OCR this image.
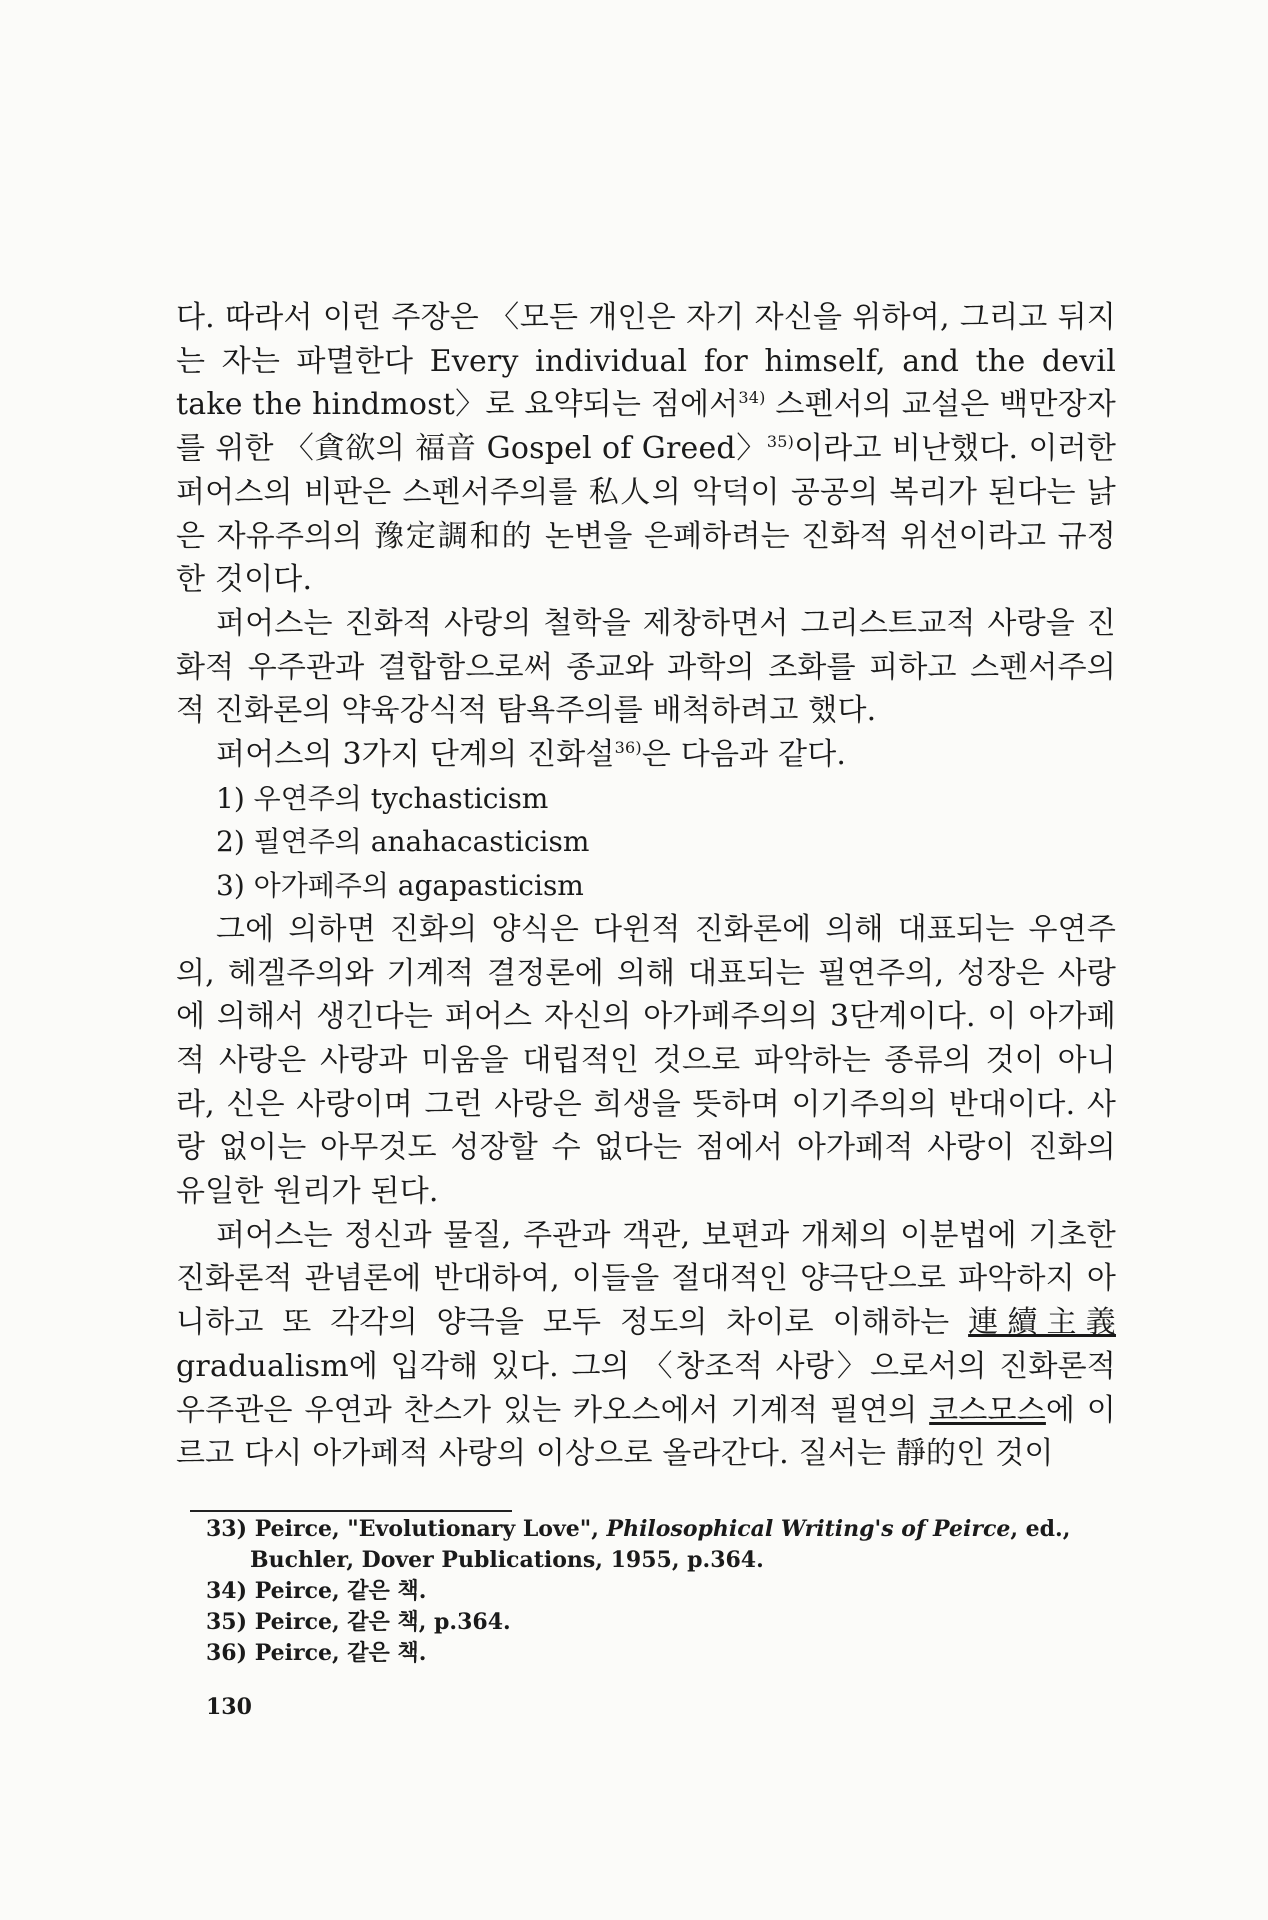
다. 따라서 이런 주장은 〈모든 개인은 자기 자신을 위하여, 그리고 뒤지는 자는 파멸한다 Every individual for himself, and the devil take the hindmost〉로 요약되는 점에서$^{34)}$ 스펜서의 교설은 백만장자를 위한 〈貪欲의 福音 Gospel of Greed〉$^{35)}$이라고 비난했다. 이러한 퍼어스의 비판은 스펜서주의를 私人의 악덕이 공공의 복리가 된다는 낡은 자유주의의 豫定調和的 논변을 은폐하려는 진화적 위선이라고 규정한 것이다.

퍼어스는 진화적 사랑의 철학을 제창하면서 그리스트교적 사랑을 진화적 우주관과 결합함으로써 종교와 과학의 조화를 피하고 스펜서주의적 진화론의 약육강식적 탐욕주의를 배척하려고 했다.

퍼어스의 3가지 단계의 진화설$^{36)}$은 다음과 같다.

1) 우연주의 tychasticism

2) 필연주의 anahacasticism

3) 아가페주의 agapasticism

그에 의하면 진화의 양식은 다윈적 진화론에 의해 대표되는 우연주의, 헤겔주의와 기계적 결정론에 의해 대표되는 필연주의, 성장은 사랑에 의해서 생긴다는 퍼어스 자신의 아가페주의의 3단계이다. 이 아가페적 사랑은 사랑과 미움을 대립적인 것으로 파악하는 종류의 것이 아니라, 신은 사랑이며 그런 사랑은 희생을 뜻하며 이기주의의 반대이다. 사랑 없이는 아무것도 성장할 수 없다는 점에서 아가페적 사랑이 진화의 유일한 원리가 된다.

퍼어스는 정신과 물질, 주관과 객관, 보편과 개체의 이분법에 기초한 진화론적 관념론에 반대하여, 이들을 절대적인 양극단으로 파악하지 아니하고 또 각각의 양극을 모두 정도의 차이로 이해하는 連續主義 gradualism에 입각해 있다. 그의 〈창조적 사랑〉으로서의 진화론적 우주관은 우연과 찬스가 있는 카오스에서 기계적 필연의 코스모스에 이르고 다시 아가페적 사랑의 이상으로 올라간다. 질서는 靜的인 것이

33) Peirce, "Evolutionary Love", Philosophical Writing's of Peirce, ed., Buchler, Dover Publications, 1955, p.364.

34) Peirce, 같은 책.

35) Peirce, 같은 책, p.364.

36) Peirce, 같은 책.

130
